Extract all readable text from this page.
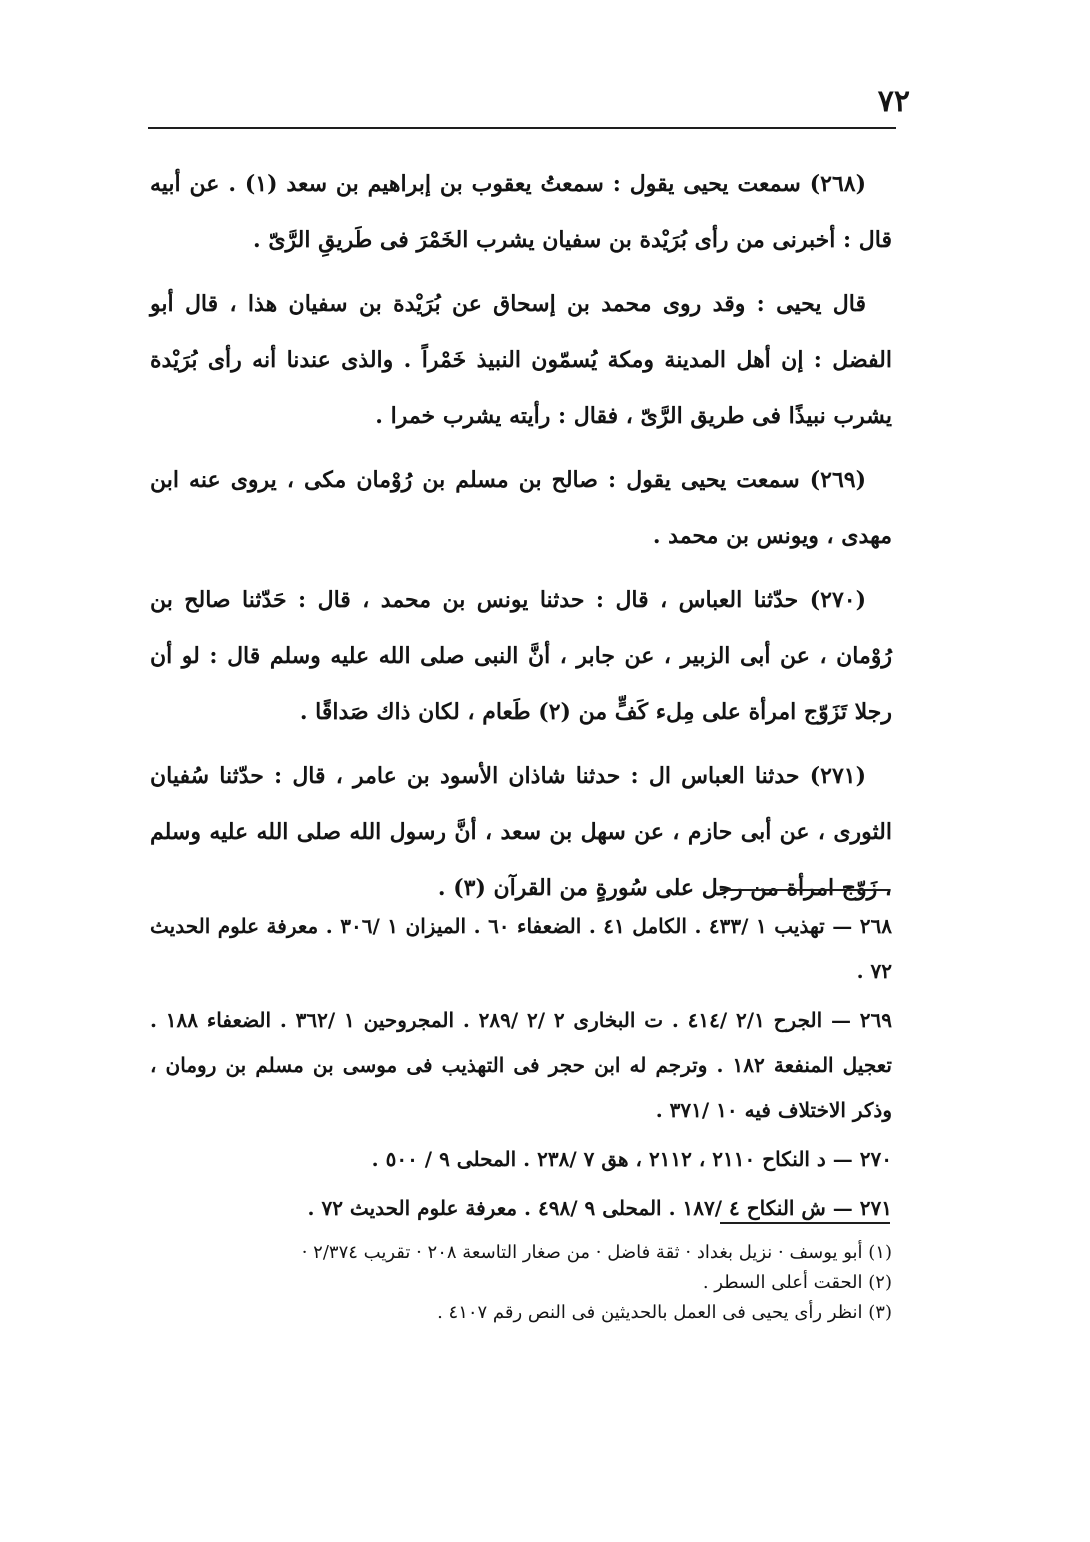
٧٢

(٢٦٨) سمعت يحيى يقول : سمعتُ يعقوب بن إبراهيم بن سعد (١) . عن أبيه قال : أخبرنى من رأى بُرَيْدة بن سفيان يشرب الخَمْرَ فى طَريقِ الرَّىّ .

قال يحيى : وقد روى محمد بن إسحاق عن بُرَيْدة بن سفيان هذا ، قال أبو الفضل : إن أهل المدينة ومكة يُسمّون النبيذ خَمْراً . والذى عندنا أنه رأى بُرَيْدة يشرب نبيذًا فى طريق الرَّىّ ، فقال : رأيته يشرب خمرا .

(٢٦٩) سمعت يحيى يقول : صالح بن مسلم بن رُوْمان مكى ، يروى عنه ابن مهدى ، ويونس بن محمد .

(٢٧٠) حدّثنا العباس ، قال : حدثنا يونس بن محمد ، قال : حَدّثنا صالح بن رُوْمان ، عن أبى الزبير ، عن جابر ، أنَّ النبى صلى الله عليه وسلم قال : لو أن رجلا تَزَوّج امرأة على مِلء كَفٍّ من (٢) طَعام ، لكان ذاك صَداقًا .

(٢٧١) حدثنا العباس ال : حدثنا شاذان الأسود بن عامر ، قال : حدّثنا سُفيان الثورى ، عن أبى حازم ، عن سهل بن سعد ، أنَّ رسول الله صلى الله عليه وسلم ، زَوّج امرأة من رجل على سُورةٍ من القرآن (٣) .

٢٦٨ — تهذيب ١ /٤٣٣ . الكامل ٤١ . الضعفاء ٦٠ . الميزان ١ /٣٠٦ . معرفة علوم الحديث ٧٢ .

٢٦٩ — الجرح ٢/١ /٤١٤ . ت البخارى ٢ /٢ /٢٨٩ . المجروحين ١ /٣٦٢ . الضعفاء ١٨٨ . تعجيل المنفعة ١٨٢ . وترجم له ابن حجر فى التهذيب فى موسى بن مسلم بن رومان ، وذكر الاختلاف فيه ١٠ /٣٧١ .

٢٧٠ — د النكاح ٢١١٠ ، ٢١١٢ ، هق ٧ /٢٣٨ . المحلى ٩ / ٥٠٠ .

٢٧١ — ش النكاح ٤ /١٨٧ . المحلى ٩ /٤٩٨ . معرفة علوم الحديث ٧٢ .

(١) أبو يوسف · نزيل بغداد · ثقة فاضل · من صغار التاسعة ٢٠٨ · تقريب ٢/٣٧٤ ·

(٢) الحقت أعلى السطر .

(٣) انظر رأى يحيى فى العمل بالحديثين فى النص رقم ٤١٠٧ .
